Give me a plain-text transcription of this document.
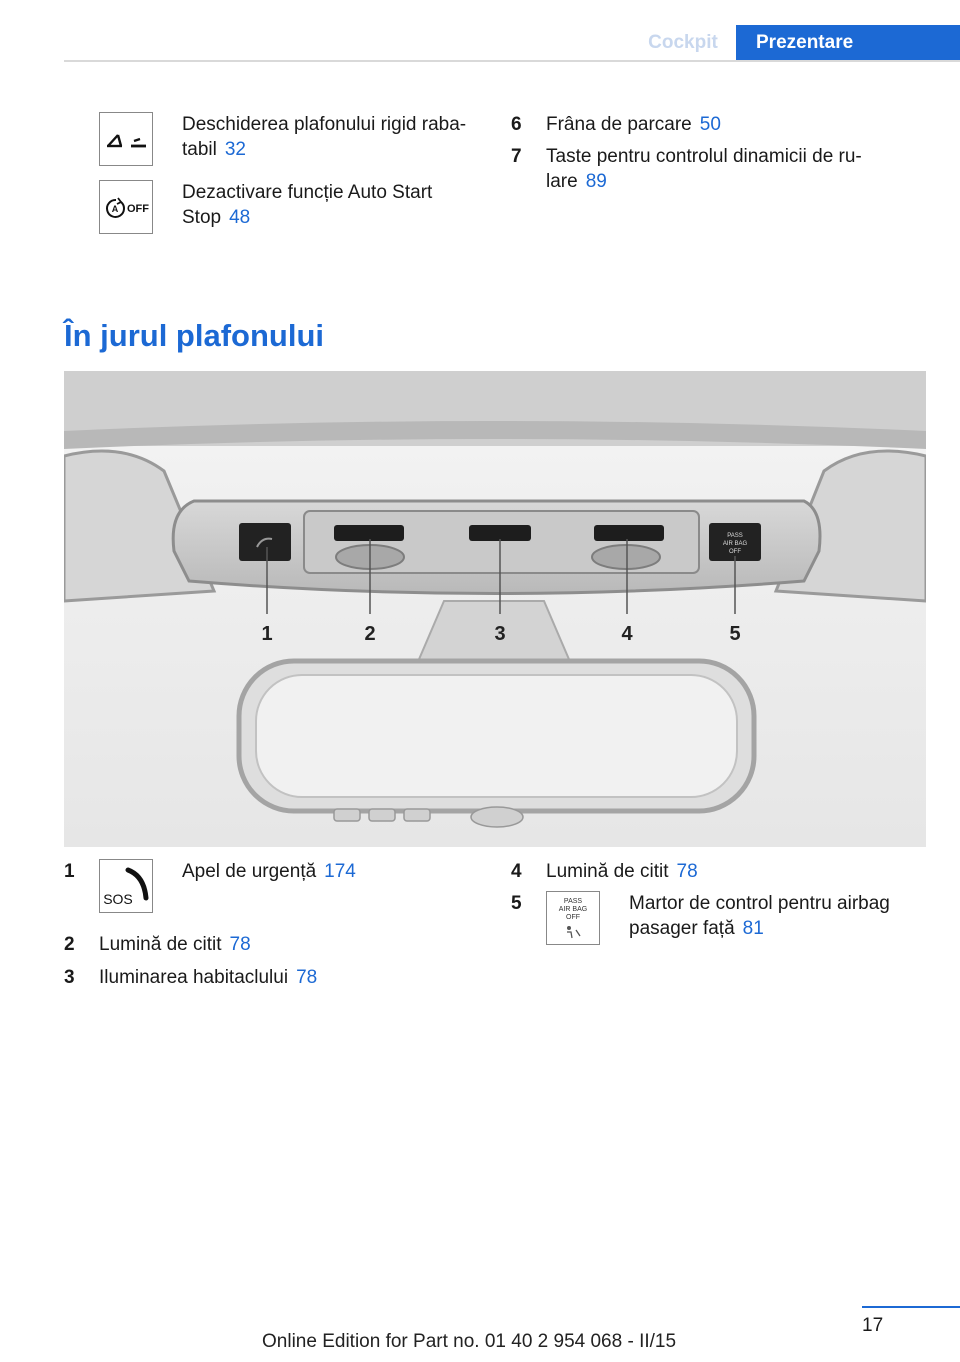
Cockpit	Prezentare
Deschiderea plafonului rigid raba‐
tabil 32
A OFF
Dezactivare funcție Auto Start
Stop 48
6 Frâna de parcare 50
7 Taste pentru controlul dinamicii de ru‐
lare 89
În jurul plafonului
PASS
AIR BAG
OFF
1	2	3	4	5
1
SOS
Apel de urgență 174
2 Lumină de citit 78
3 Iluminarea habitaclului 78
4 Lumină de citit 78
5	PASS
AIR BAG
OFF
Martor de control pentru airbag
pasager față 81
17
Online Edition for Part no. 01 40 2 954 068 - II/15
